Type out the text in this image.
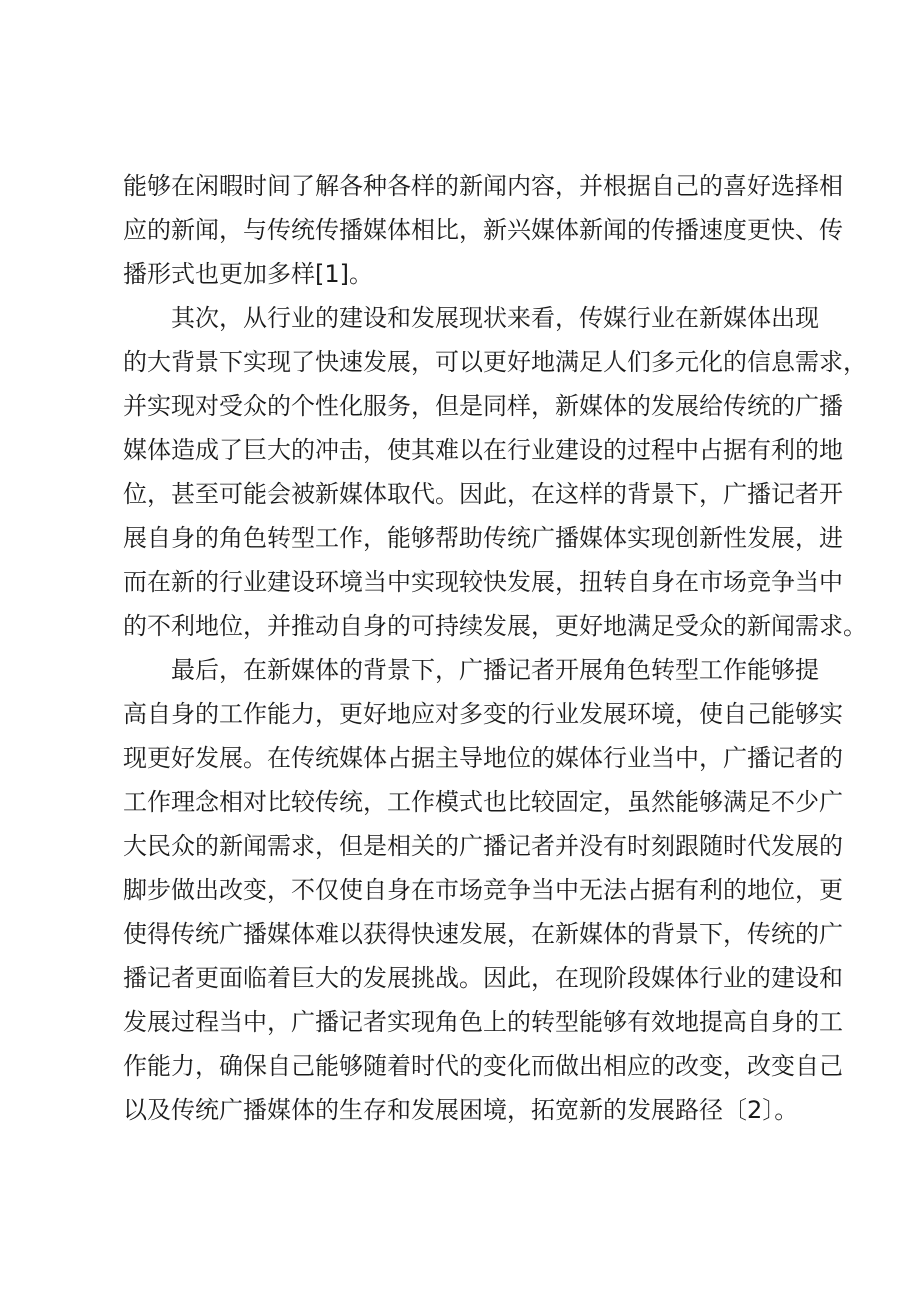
能够在闲暇时间了解各种各样的新闻内容，并根据自己的喜好选择相
应的新闻，与传统传播媒体相比，新兴媒体新闻的传播速度更快、传
播形式也更加多样[1]。
其次，从行业的建设和发展现状来看，传媒行业在新媒体出现
的大背景下实现了快速发展，可以更好地满足人们多元化的信息需求，
并实现对受众的个性化服务，但是同样，新媒体的发展给传统的广播
媒体造成了巨大的冲击，使其难以在行业建设的过程中占据有利的地
位，甚至可能会被新媒体取代。因此，在这样的背景下，广播记者开
展自身的角色转型工作，能够帮助传统广播媒体实现创新性发展，进
而在新的行业建设环境当中实现较快发展，扭转自身在市场竞争当中
的不利地位，并推动自身的可持续发展，更好地满足受众的新闻需求。
最后，在新媒体的背景下，广播记者开展角色转型工作能够提
高自身的工作能力，更好地应对多变的行业发展环境，使自己能够实
现更好发展。在传统媒体占据主导地位的媒体行业当中，广播记者的
工作理念相对比较传统，工作模式也比较固定，虽然能够满足不少广
大民众的新闻需求，但是相关的广播记者并没有时刻跟随时代发展的
脚步做出改变，不仅使自身在市场竞争当中无法占据有利的地位，更
使得传统广播媒体难以获得快速发展，在新媒体的背景下，传统的广
播记者更面临着巨大的发展挑战。因此，在现阶段媒体行业的建设和
发展过程当中，广播记者实现角色上的转型能够有效地提高自身的工
作能力，确保自己能够随着时代的变化而做出相应的改变，改变自己
以及传统广播媒体的生存和发展困境，拓宽新的发展路径〔2〕。
